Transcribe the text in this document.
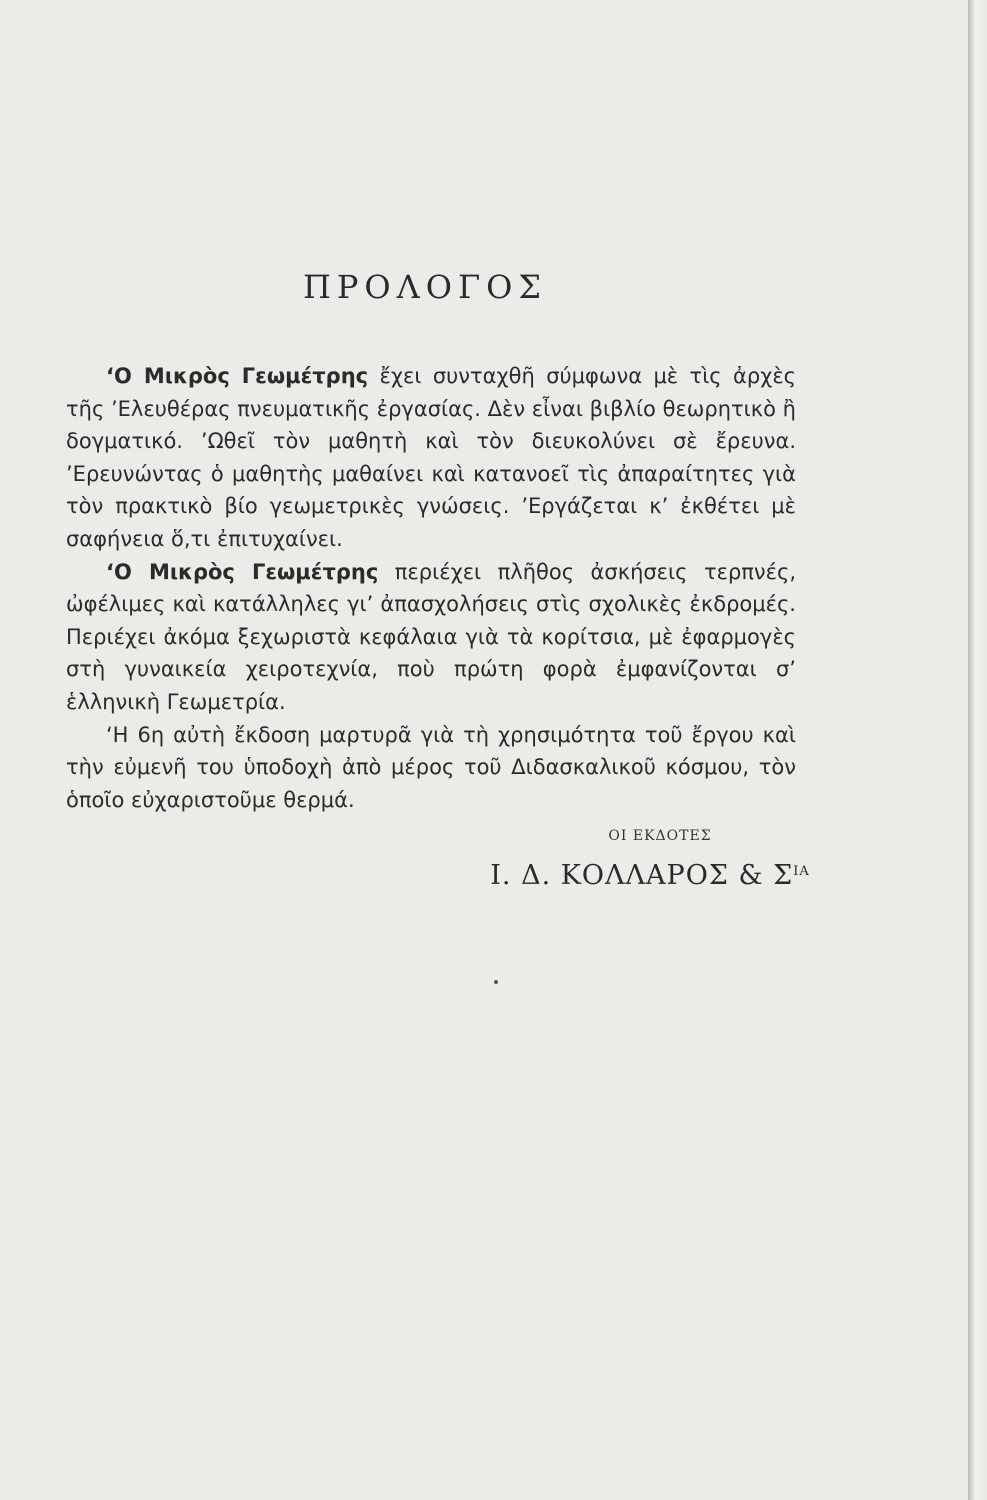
ΠΡΟΛΟΓΟΣ

‘Ο Μικρὸς Γεωμέτρης ἔχει συνταχθῆ σύμφωνα μὲ τὶς ἀρχὲς τῆς ’Ελευθέρας πνευματικῆς ἐργασίας. Δὲν εἶναι βιβλίο θεωρητικὸ ἢ δογματικό. ’Ωθεῖ τὸν μαθητὴ καὶ τὸν διευκολύνει σὲ ἔρευνα. ’Ερευνώντας ὁ μαθητὴς μαθαίνει καὶ κατανοεῖ τὶς ἀπαραίτητες γιὰ τὸν πρακτικὸ βίο γεωμετρικὲς γνώσεις. ’Εργάζεται κ’ ἐκθέτει μὲ σαφήνεια ὅ,τι ἐπιτυχαίνει.

‘Ο Μικρὸς Γεωμέτρης περιέχει πλῆθος ἀσκήσεις τερπνές, ὠφέλιμες καὶ κατάλληλες γι’ ἀπασχολήσεις στὶς σχολικὲς ἐκδρομές. Περιέχει ἀκόμα ξεχωριστὰ κεφάλαια γιὰ τὰ κορίτσια, μὲ ἐφαρμογὲς στὴ γυναικεία χειροτεχνία, ποὺ πρώτη φορὰ ἐμφανίζονται σ’ ἑλληνικὴ Γεωμετρία.

‘Η 6η αὐτὴ ἔκδοση μαρτυρᾶ γιὰ τὴ χρησιμότητα τοῦ ἔργου καὶ τὴν εὐμενῆ του ὑποδοχὴ ἀπὸ μέρος τοῦ Διδασκαλικοῦ κόσμου, τὸν ὁποῖο εὐχαριστοῦμε θερμά.

ΟΙ ΕΚΔΟΤΕΣ
Ι. Δ. ΚΟΛΛΑΡΟΣ & $\Sigma^{IA}$
